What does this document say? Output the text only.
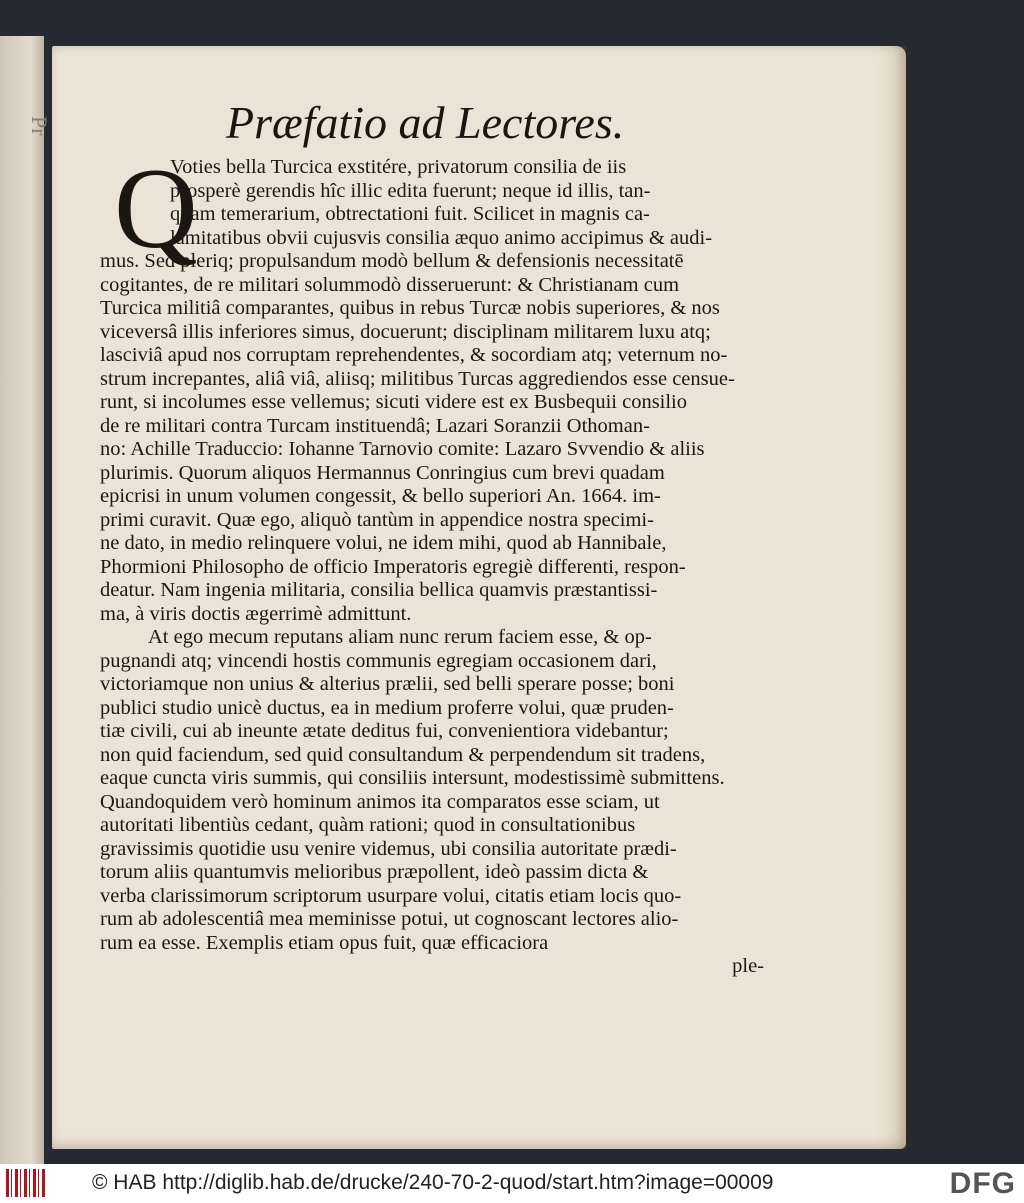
Pr	Præfatio ad Lectores.
Q
Voties bella Turcica exstitére, privatorum consilia de iis
prosperè gerendis hîc illic edita fuerunt; neque id illis, tan-
quam temerarium, obtrectationi fuit. Scilicet in magnis ca-
lamitatibus obvii cujusvis consilia æquo animo accipimus & audi-
mus. Sed pleriq; propulsandum modò bellum & defensionis necessitatē
cogitantes, de re militari solummodò disseruerunt: & Christianam cum
Turcica militiâ comparantes, quibus in rebus Turcæ nobis superiores, & nos
viceversâ illis inferiores simus, docuerunt; disciplinam militarem luxu atq;
lasciviâ apud nos corruptam reprehendentes, & socordiam atq; veternum no-
strum increpantes, aliâ viâ, aliisq; militibus Turcas aggrediendos esse censue-
runt, si incolumes esse vellemus; sicuti videre est ex Busbequii consilio
de re militari contra Turcam instituendâ; Lazari Soranzii Othoman-
no: Achille Traduccio: Iohanne Tarnovio comite: Lazaro Svvendio & aliis
plurimis. Quorum aliquos Hermannus Conringius cum brevi quadam
epicrisi in unum volumen congessit, & bello superiori An. 1664. im-
primi curavit. Quæ ego, aliquò tantùm in appendice nostra specimi-
ne dato, in medio relinquere volui, ne idem mihi, quod ab Hannibale,
Phormioni Philosopho de officio Imperatoris egregiè differenti, respon-
deatur. Nam ingenia militaria, consilia bellica quamvis præstantissi-
ma, à viris doctis ægerrimè admittunt.
At ego mecum reputans aliam nunc rerum faciem esse, & op-
pugnandi atq; vincendi hostis communis egregiam occasionem dari,
victoriamque non unius & alterius prælii, sed belli sperare posse; boni
publici studio unicè ductus, ea in medium proferre volui, quæ pruden-
tiæ civili, cui ab ineunte ætate deditus fui, convenientiora videbantur;
non quid faciendum, sed quid consultandum & perpendendum sit tradens,
eaque cuncta viris summis, qui consiliis intersunt, modestissimè submittens.
Quandoquidem verò hominum animos ita comparatos esse sciam, ut
autoritati libentiùs cedant, quàm rationi; quod in consultationibus
gravissimis quotidie usu venire videmus, ubi consilia autoritate prædi-
torum aliis quantumvis melioribus præpollent, ideò passim dicta &
verba clarissimorum scriptorum usurpare volui, citatis etiam locis quo-
rum ab adolescentiâ mea meminisse potui, ut cognoscant lectores alio-
rum ea esse. Exemplis etiam opus fuit, quæ efficaciora
ple-
© HAB http://diglib.hab.de/drucke/240-70-2-quod/start.htm?image=00009	DFG
